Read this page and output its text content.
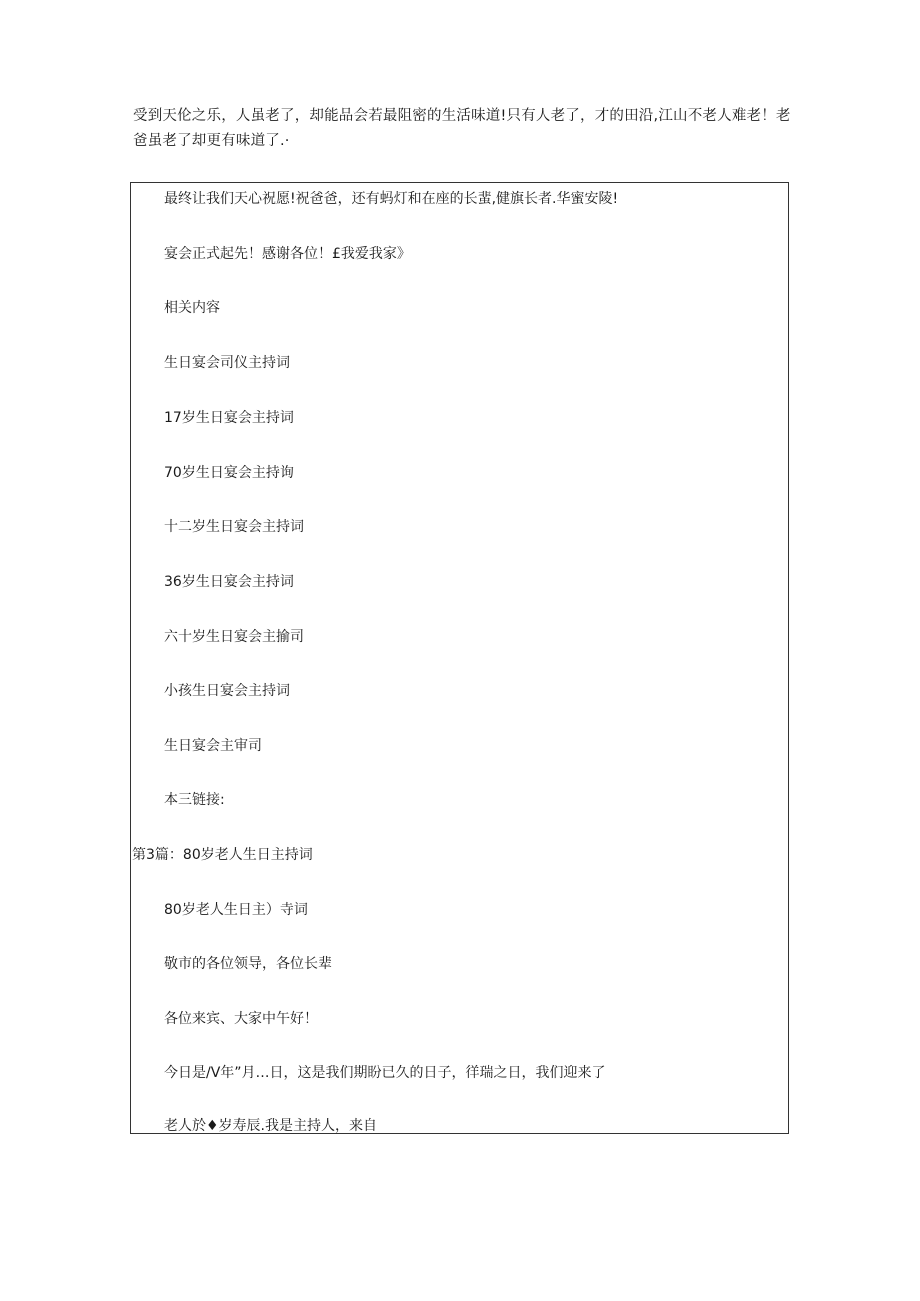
受到天伦之乐，人虽老了，却能品会若最阻密的生活味道!只有人老了，才的田沿,江山不老人难老！老爸虽老了却更有味道了.·

最终让我们天心祝愿!祝爸爸，还有蚂灯和在座的长蜚,健旗长者.华蜜安陵!

宴会正式起先！感谢各位！£我爱我家》

相关内容

生日宴会司仪主持词

17岁生日宴会主持词

70岁生日宴会主持询

十二岁生日宴会主持词

36岁生日宴会主持词

六十岁生日宴会主揄司

小孩生日宴会主持词

生日宴会主审司

本三链接:

第3篇：80岁老人生日主持词

80岁老人生日主）寺词

敬市的各位领导，各位长辈

各位来宾、大家中午好！

今日是/V年”月…日，这是我们期盼已久的日子，徉瑞之日，我们迎来了

老人於♦岁寿辰.我是主持人，来自
